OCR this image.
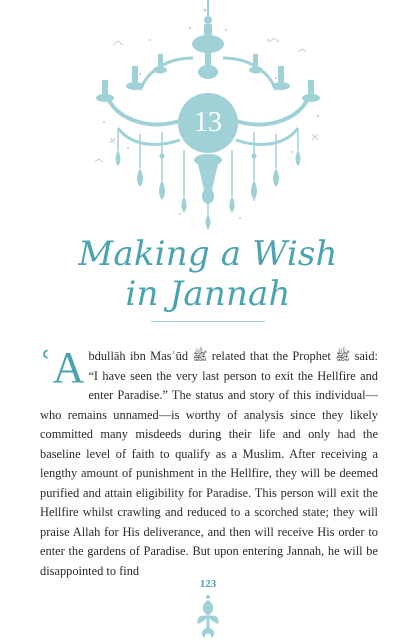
13
Making a Wish
in Jannah
ʿA bdullāh ibn Masʿūd ﷺ related that the Prophet ﷺ said: “I have seen the very last person to exit the Hellfire and enter Paradise.” The status and story of this individual—who remains unnamed—is worthy of analysis since they likely committed many misdeeds during their life and only had the baseline level of faith to qualify as a Muslim. After receiving a lengthy amount of punishment in the Hellfire, they will be deemed purified and attain eligibility for Paradise. This person will exit the Hellfire whilst crawling and reduced to a scorched state; they will praise Allah for His deliverance, and then will receive His order to enter the gardens of Paradise. But upon entering Jannah, he will be disappointed to find
123
